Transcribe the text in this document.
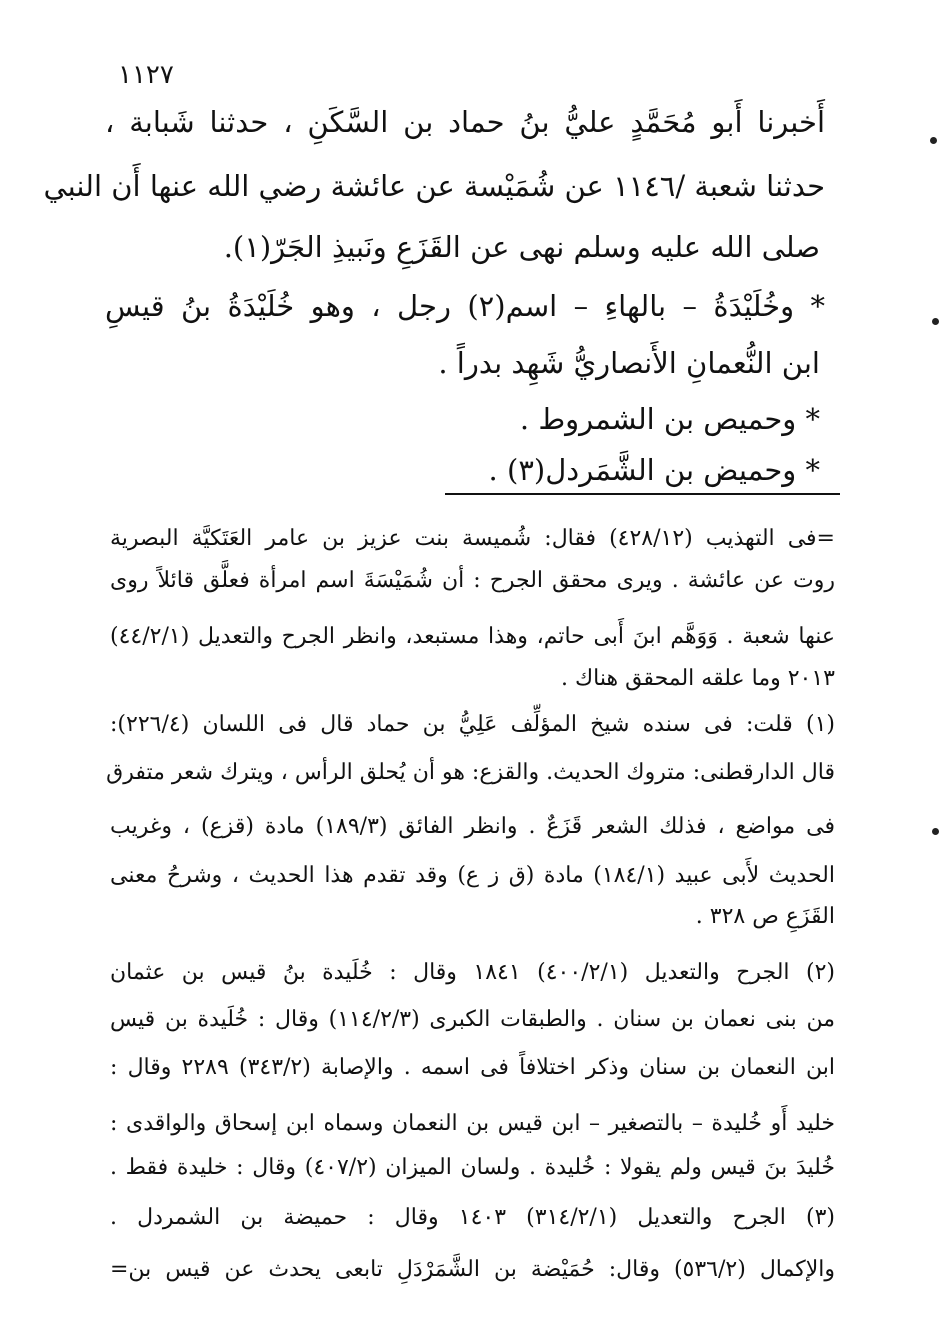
١١٢٧
أَخبرنا أَبو مُحَمَّدٍ عليُّ بنُ حماد بن السَّكَنِ ، حدثنا شَبابة ،
حدثنا شعبة /١١٤٦ عن شُمَيْسة عن عائشة رضي الله عنها أَن النبي
صلى الله عليه وسلم نهى عن القَزَعِ ونَبيذِ الجَرّ(١).
* وخُلَيْدَةُ – بالهاءِ – اسم(٢) رجل ، وهو خُلَيْدَةُ بنُ قيسِ
ابن النُّعمانِ الأَنصاريُّ شَهِد بدراً .
* وحميص بن الشمروط .
* وحميض بن الشَّمَردل(٣) .
=فى التهذيب (٤٢٨/١٢) فقال: شُميسة بنت عزيز بن عامر العَتَكيَّة البصرية
روت عن عائشة . ويرى محقق الجرح : أن شُمَيْسَةَ اسم امرأة فعلَّق قائلاً روى
عنها شعبة . وَوَهَّم ابنَ أَبى حاتم، وهذا مستبعد، وانظر الجرح والتعديل (٤٤/٢/١)
٢٠١٣ وما علقه المحقق هناك .
(١) قلت: فى سنده شيخ المؤلِّف عَلِيُّ بن حماد قال فى اللسان (٢٢٦/٤):
قال الدارقطنى: متروك الحديث. والقزع: هو أن يُحلق الرأس ، ويترك شعر متفرق
فى مواضع ، فذلك الشعر قَزَعٌ . وانظر الفائق (١٨٩/٣) مادة (قزع) ، وغريب
الحديث لأَبى عبيد (١٨٤/١) مادة (ق ز ع) وقد تقدم هذا الحديث ، وشرحُ معنى
القَزَعِ ص ٣٢٨ .
(٢) الجرح والتعديل (٤٠٠/٢/١) ١٨٤١ وقال : خُلَيدة بنُ قيس بن عثمان
من بنى نعمان بن سنان . والطبقات الكبرى (١١٤/٢/٣) وقال : خُلَيدة بن قيس
ابن النعمان بن سنان وذكر اختلافاً فى اسمه . والإصابة (٣٤٣/٢) ٢٢٨٩ وقال :
خليد أَو خُليدة – بالتصغير – ابن قيس بن النعمان وسماه ابن إسحاق والواقدى :
خُليدَ بنَ قيس ولم يقولا : خُليدة . ولسان الميزان (٤٠٧/٢) وقال : خليدة فقط .
(٣) الجرح والتعديل (٣١٤/٢/١) ١٤٠٣ وقال : حميضة بن الشمردل .
والإكمال (٥٣٦/٢) وقال: حُمَيْضة بن الشَّمَرْدَلِ تابعى يحدث عن قيس بن=
